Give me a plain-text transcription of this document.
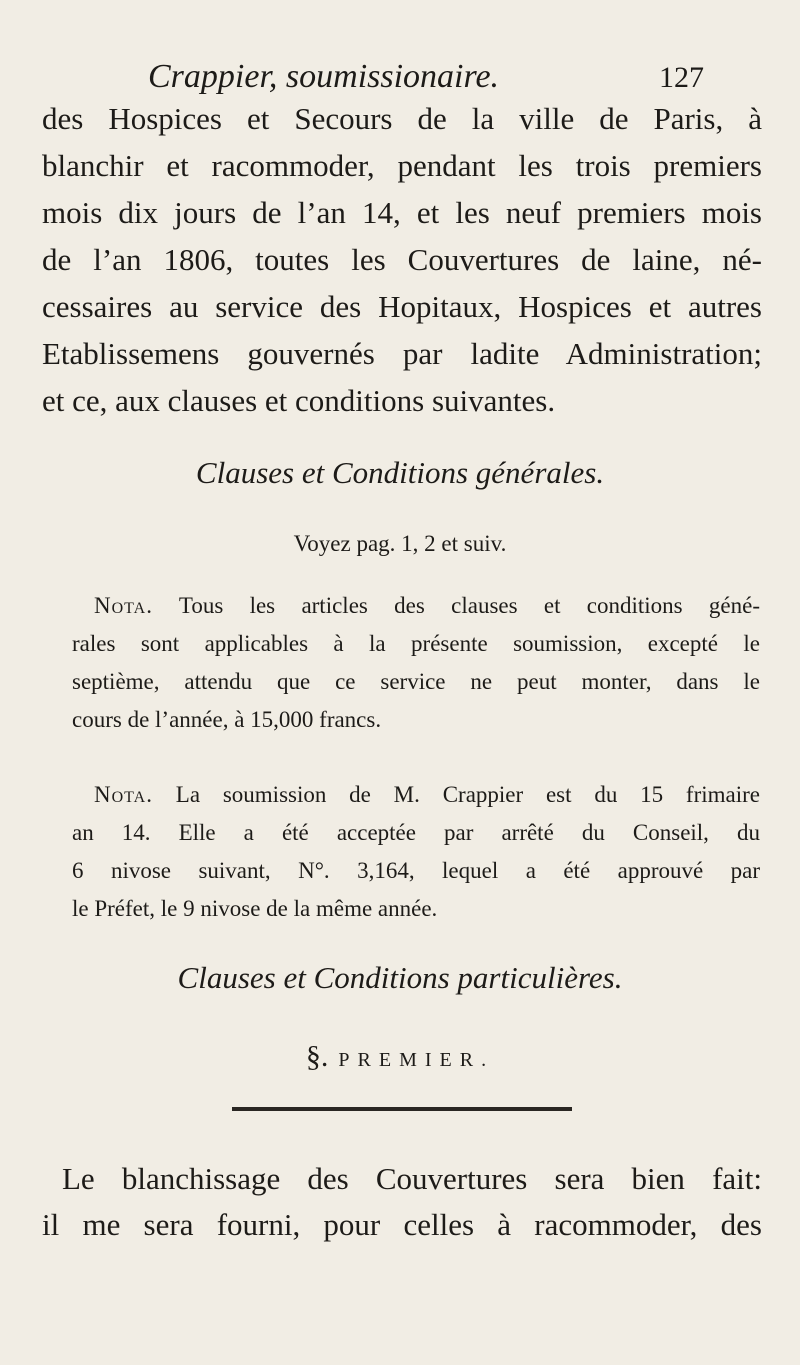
Crappier, soumissionaire.	127
des Hospices et Secours de la ville de Paris, à
blanchir et racommoder, pendant les trois premiers
mois dix jours de l’an 14, et les neuf premiers mois
de l’an 1806, toutes les Couvertures de laine, né-
cessaires au service des Hopitaux, Hospices et autres
Etablissemens gouvernés par ladite Administration;
et ce, aux clauses et conditions suivantes.
Clauses et Conditions générales.
Voyez pag. 1, 2 et suiv.
Nota. Tous les articles des clauses et conditions géné-
rales sont applicables à la présente soumission, excepté le
septième, attendu que ce service ne peut monter, dans le
cours de l’année, à 15,000 francs.
Nota. La soumission de M. Crappier est du 15 frimaire
an 14. Elle a été acceptée par arrêté du Conseil, du
6 nivose suivant, N°. 3,164, lequel a été approuvé par
le Préfet, le 9 nivose de la même année.
Clauses et Conditions particulières.
§. PREMIER.
Le blanchissage des Couvertures sera bien fait:
il me sera fourni, pour celles à racommoder, des
